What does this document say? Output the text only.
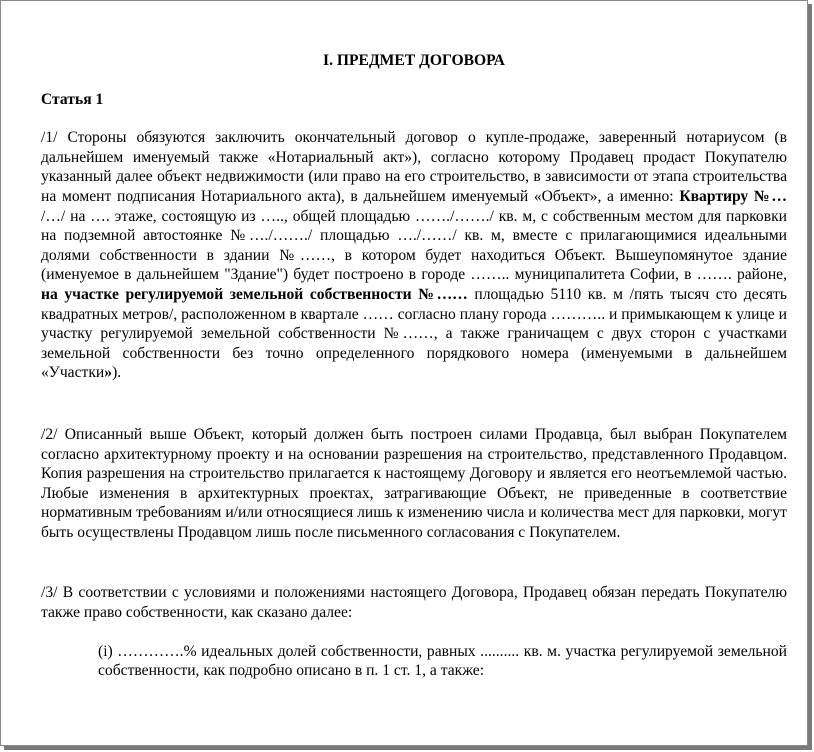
I. ПРЕДМЕТ ДОГОВОРА
Статья 1

/1/ Стороны обязуются заключить окончательный договор о купле-продаже, заверенный нотариусом (в дальнейшем именуемый также «Нотариальный акт»), согласно которому Продавец продаст Покупателю указанный далее объект недвижимости (или право на его строительство, в зависимости от этапа строительства на момент подписания Нотариального акта), в дальнейшем именуемый «Объект», а именно: Квартиру №… /…/ на …. этаже, состоящую из ….., общей площадью ……./……./ кв. м, с собственным местом для парковки на подземной автостоянке №…./……./ площадью …./……/ кв. м, вместе с прилагающимися идеальными долями собственности в здании №……, в котором будет находиться Объект. Вышеупомянутое здание (именуемое в дальнейшем "Здание") будет построено в городе …….. муниципалитета Софии, в ……. районе, на участке регулируемой земельной собственности №…… площадью 5110 кв. м /пять тысяч сто десять квадратных метров/, расположенном в квартале …… согласно плану города ……….. и примыкающем к улице и участку регулируемой земельной собственности №……, а также граничащем с двух сторон с участками земельной собственности без точно определенного порядкового номера (именуемыми в дальнейшем «Участки»).

/2/ Описанный выше Объект, который должен быть построен силами Продавца, был выбран Покупателем согласно архитектурному проекту и на основании разрешения на строительство, представленного Продавцом. Копия разрешения на строительство прилагается к настоящему Договору и является его неотъемлемой частью. Любые изменения в архитектурных проектах, затрагивающие Объект, не приведенные в соответствие нормативным требованиям и/или относящиеся лишь к изменению числа и количества мест для парковки, могут быть осуществлены Продавцом лишь после письменного согласования с Покупателем.

/3/ В соответствии с условиями и положениями настоящего Договора, Продавец обязан передать Покупателю также право собственности, как сказано далее:

(i) ………….% идеальных долей собственности, равных .......... кв. м. участка регулируемой земельной собственности, как подробно описано в п. 1 ст. 1, а также:
